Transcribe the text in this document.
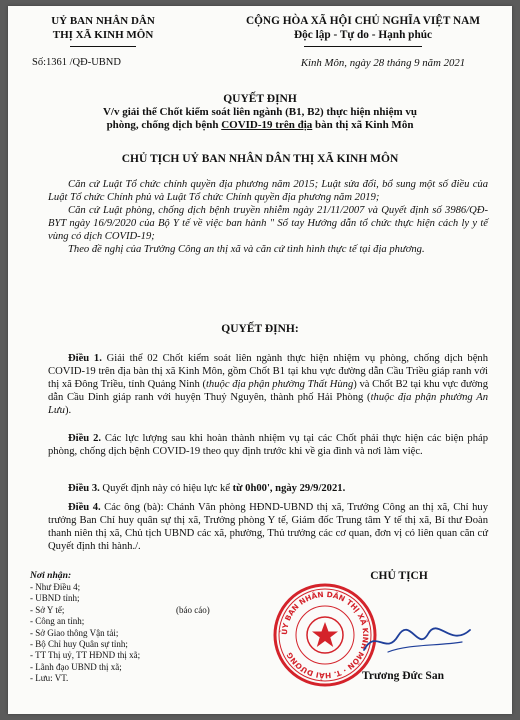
UỶ BAN NHÂN DÂN
THỊ XÃ KINH MÔN
CỘNG HÒA XÃ HỘI CHỦ NGHĨA VIỆT NAM
Độc lập - Tự do - Hạnh phúc
Số:1361 /QĐ-UBND	Kinh Môn, ngày 28 tháng 9 năm 2021
QUYẾT ĐỊNH
V/v giải thể Chốt kiểm soát liên ngành (B1, B2) thực hiện nhiệm vụ
phòng, chống dịch bệnh COVID-19 trên địa bàn thị xã Kinh Môn
CHỦ TỊCH UỶ BAN NHÂN DÂN THỊ XÃ KINH MÔN

Căn cứ Luật Tổ chức chính quyền địa phương năm 2015; Luật sửa đổi, bổ sung một số điều của Luật Tổ chức Chính phủ và Luật Tổ chức Chính quyền địa phương năm 2019;

Căn cứ Luật phòng, chống dịch bệnh truyền nhiễm ngày 21/11/2007 và Quyết định số 3986/QĐ-BYT ngày 16/9/2020 của Bộ Y tế về việc ban hành " Sổ tay Hướng dẫn tổ chức thực hiện cách ly y tế vùng có dịch COVID-19;

Theo đề nghị của Trưởng Công an thị xã và căn cứ tình hình thực tế tại địa phương.

QUYẾT ĐỊNH:

Điều 1. Giải thể 02 Chốt kiểm soát liên ngành thực hiện nhiệm vụ phòng, chống dịch bệnh COVID-19 trên địa bàn thị xã Kinh Môn, gồm Chốt B1 tại khu vực đường dẫn Cầu Triều giáp ranh với thị xã Đông Triều, tỉnh Quảng Ninh (thuộc địa phận phường Thất Hùng) và Chốt B2 tại khu vực đường dẫn Cầu Dinh giáp ranh với huyện Thuỷ Nguyên, thành phố Hải Phòng (thuộc địa phận phường An Lưu).

Điều 2. Các lực lượng sau khi hoàn thành nhiệm vụ tại các Chốt phải thực hiện các biện pháp phòng, chống dịch bệnh COVID-19 theo quy định trước khi về gia đình và nơi làm việc.

Điều 3. Quyết định này có hiệu lực kể từ 0h00', ngày 29/9/2021.

Điều 4. Các ông (bà): Chánh Văn phòng HĐND-UBND thị xã, Trưởng Công an thị xã, Chỉ huy trưởng Ban Chỉ huy quân sự thị xã, Trưởng phòng Y tế, Giám đốc Trung tâm Y tế thị xã, Bí thư Đoàn thanh niên thị xã, Chủ tịch UBND các xã, phường, Thủ trưởng các cơ quan, đơn vị có liên quan căn cứ Quyết định thi hành./.

Nơi nhận:
- Như Điều 4;
- UBND tỉnh;
- Sở Y tế;
- Công an tỉnh;
- Sở Giao thông Vận tải;
- Bộ Chỉ huy Quân sự tỉnh;
- TT Thị uỷ, TT HĐND thị xã;
- Lãnh đạo UBND thị xã;
- Lưu: VT.
(báo cáo)
CHỦ TỊCH
ỦY BAN NHÂN DÂN THỊ XÃ KINH MÔN · T. HẢI DƯƠNG
Trương Đức San
